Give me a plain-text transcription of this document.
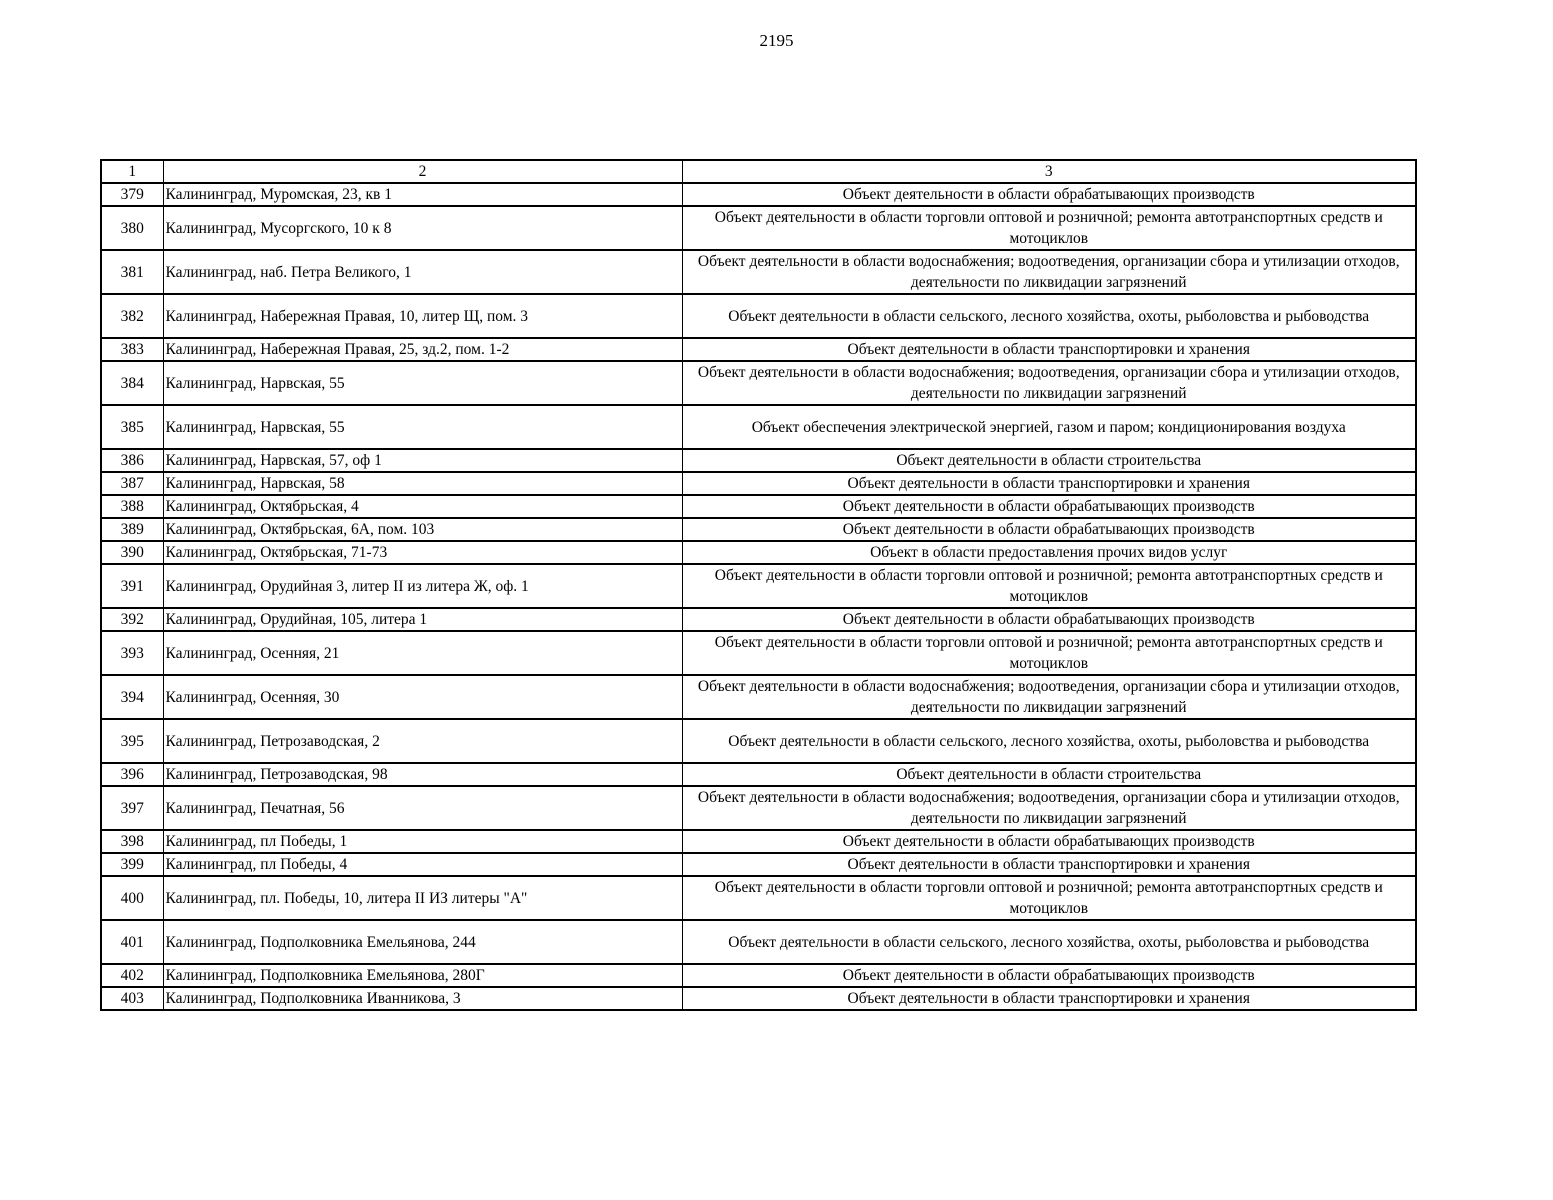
2195
1	2	3
379	Калининград, Муромская, 23, кв 1	Объект деятельности в области обрабатывающих производств
380	Калининград, Мусоргского, 10 к 8	Объект деятельности в области торговли оптовой и розничной; ремонта автотранспортных средств и мотоциклов
381	Калининград, наб. Петра Великого, 1	Объект деятельности в области водоснабжения; водоотведения, организации сбора и утилизации отходов, деятельности по ликвидации загрязнений
382	Калининград, Набережная Правая, 10, литер Щ, пом. 3	Объект деятельности в области сельского, лесного хозяйства, охоты, рыболовства и рыбоводства
383	Калининград, Набережная Правая, 25, зд.2, пом. 1-2	Объект деятельности в области транспортировки и хранения
384	Калининград, Нарвская, 55	Объект деятельности в области водоснабжения; водоотведения, организации сбора и утилизации отходов, деятельности по ликвидации загрязнений
385	Калининград, Нарвская, 55	Объект обеспечения электрической энергией, газом и паром; кондиционирования воздуха
386	Калининград, Нарвская, 57, оф 1	Объект деятельности в области строительства
387	Калининград, Нарвская, 58	Объект деятельности в области транспортировки и хранения
388	Калининград, Октябрьская, 4	Объект деятельности в области обрабатывающих производств
389	Калининград, Октябрьская, 6А, пом. 103	Объект деятельности в области обрабатывающих производств
390	Калининград, Октябрьская, 71-73	Объект в области предоставления прочих видов услуг
391	Калининград, Орудийная 3, литер II из литера Ж, оф. 1	Объект деятельности в области торговли оптовой и розничной; ремонта автотранспортных средств и мотоциклов
392	Калининград, Орудийная, 105, литера 1	Объект деятельности в области обрабатывающих производств
393	Калининград, Осенняя, 21	Объект деятельности в области торговли оптовой и розничной; ремонта автотранспортных средств и мотоциклов
394	Калининград, Осенняя, 30	Объект деятельности в области водоснабжения; водоотведения, организации сбора и утилизации отходов, деятельности по ликвидации загрязнений
395	Калининград, Петрозаводская, 2	Объект деятельности в области сельского, лесного хозяйства, охоты, рыболовства и рыбоводства
396	Калининград, Петрозаводская, 98	Объект деятельности в области строительства
397	Калининград, Печатная, 56	Объект деятельности в области водоснабжения; водоотведения, организации сбора и утилизации отходов, деятельности по ликвидации загрязнений
398	Калининград, пл Победы, 1	Объект деятельности в области обрабатывающих производств
399	Калининград, пл Победы, 4	Объект деятельности в области транспортировки и хранения
400	Калининград, пл. Победы, 10, литера II ИЗ литеры "А"	Объект деятельности в области торговли оптовой и розничной; ремонта автотранспортных средств и мотоциклов
401	Калининград, Подполковника Емельянова, 244	Объект деятельности в области сельского, лесного хозяйства, охоты, рыболовства и рыбоводства
402	Калининград, Подполковника Емельянова, 280Г	Объект деятельности в области обрабатывающих производств
403	Калининград, Подполковника Иванникова, 3	Объект деятельности в области транспортировки и хранения
